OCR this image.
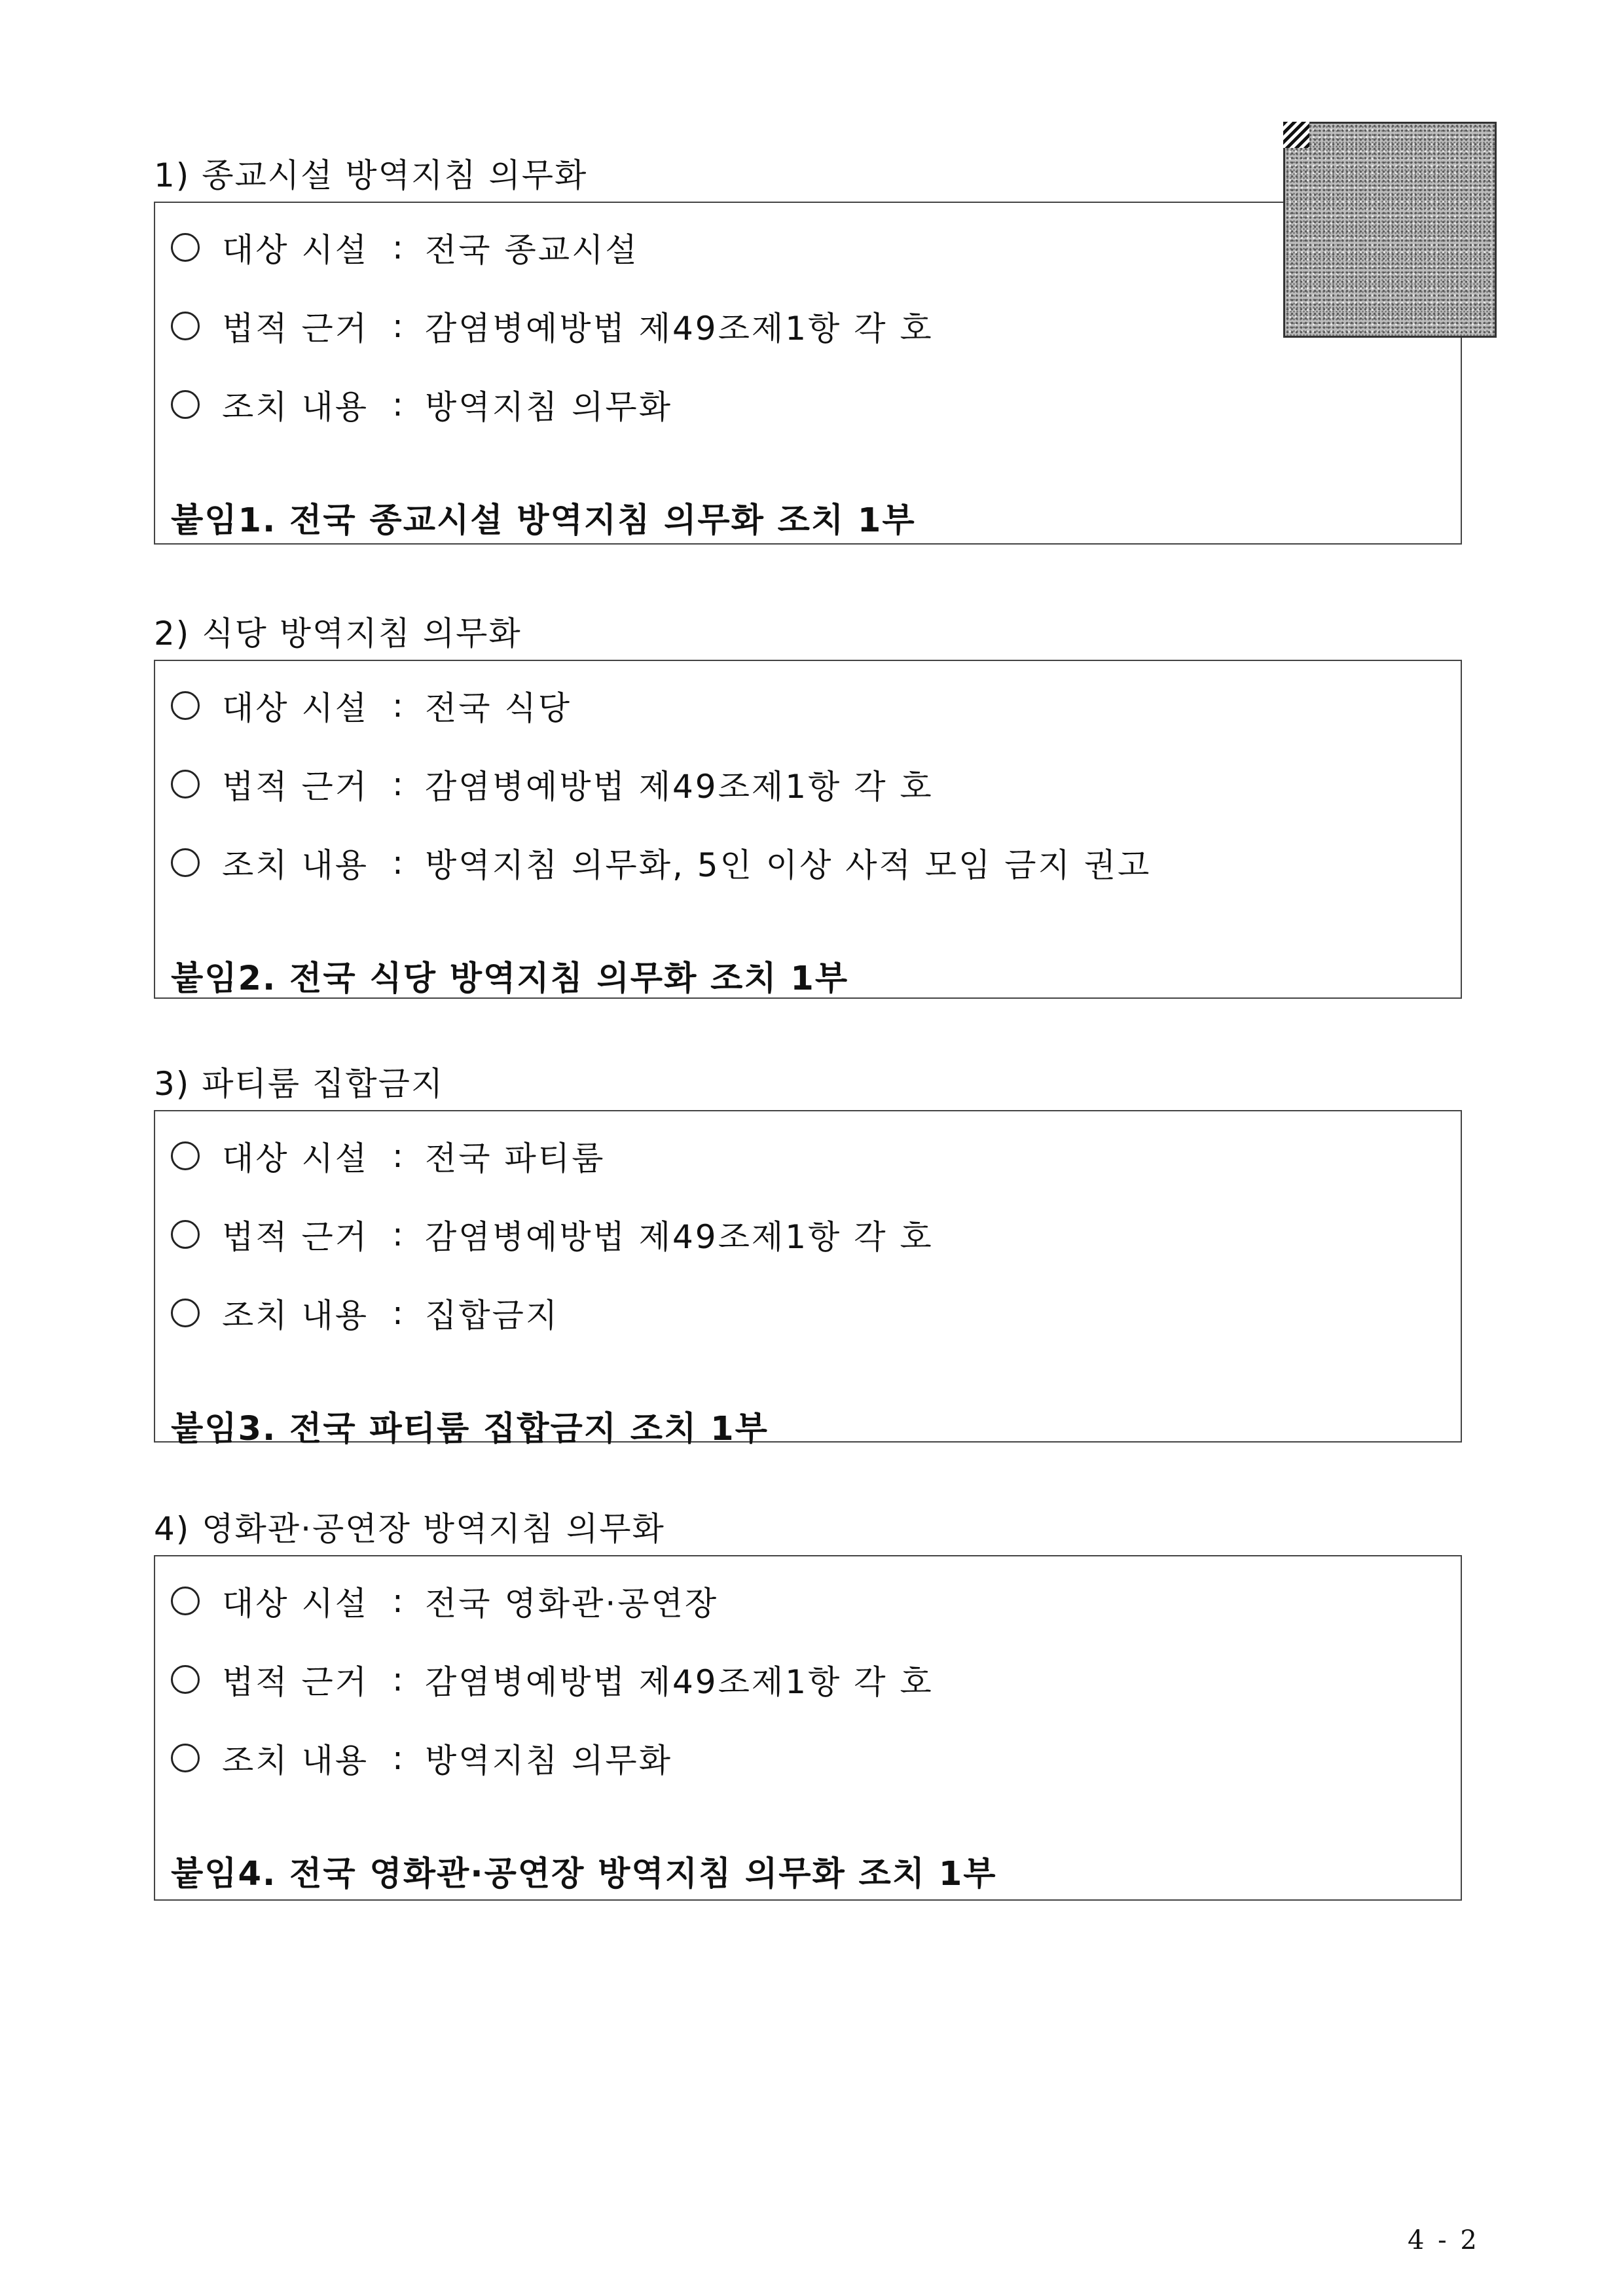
1) 종교시설 방역지침 의무화
대상 시설 : 전국 종교시설
법적 근거 : 감염병예방법 제49조제1항 각 호
조치 내용 : 방역지침 의무화
붙임1. 전국 종교시설 방역지침 의무화 조치 1부
2) 식당 방역지침 의무화
대상 시설 : 전국 식당
법적 근거 : 감염병예방법 제49조제1항 각 호
조치 내용 : 방역지침 의무화, 5인 이상 사적 모임 금지 권고
붙임2. 전국 식당 방역지침 의무화 조치 1부
3) 파티룸 집합금지
대상 시설 : 전국 파티룸
법적 근거 : 감염병예방법 제49조제1항 각 호
조치 내용 : 집합금지
붙임3. 전국 파티룸 집합금지 조치 1부
4) 영화관·공연장 방역지침 의무화
대상 시설 : 전국 영화관·공연장
법적 근거 : 감염병예방법 제49조제1항 각 호
조치 내용 : 방역지침 의무화
붙임4. 전국 영화관·공연장 방역지침 의무화 조치 1부
4 - 2
